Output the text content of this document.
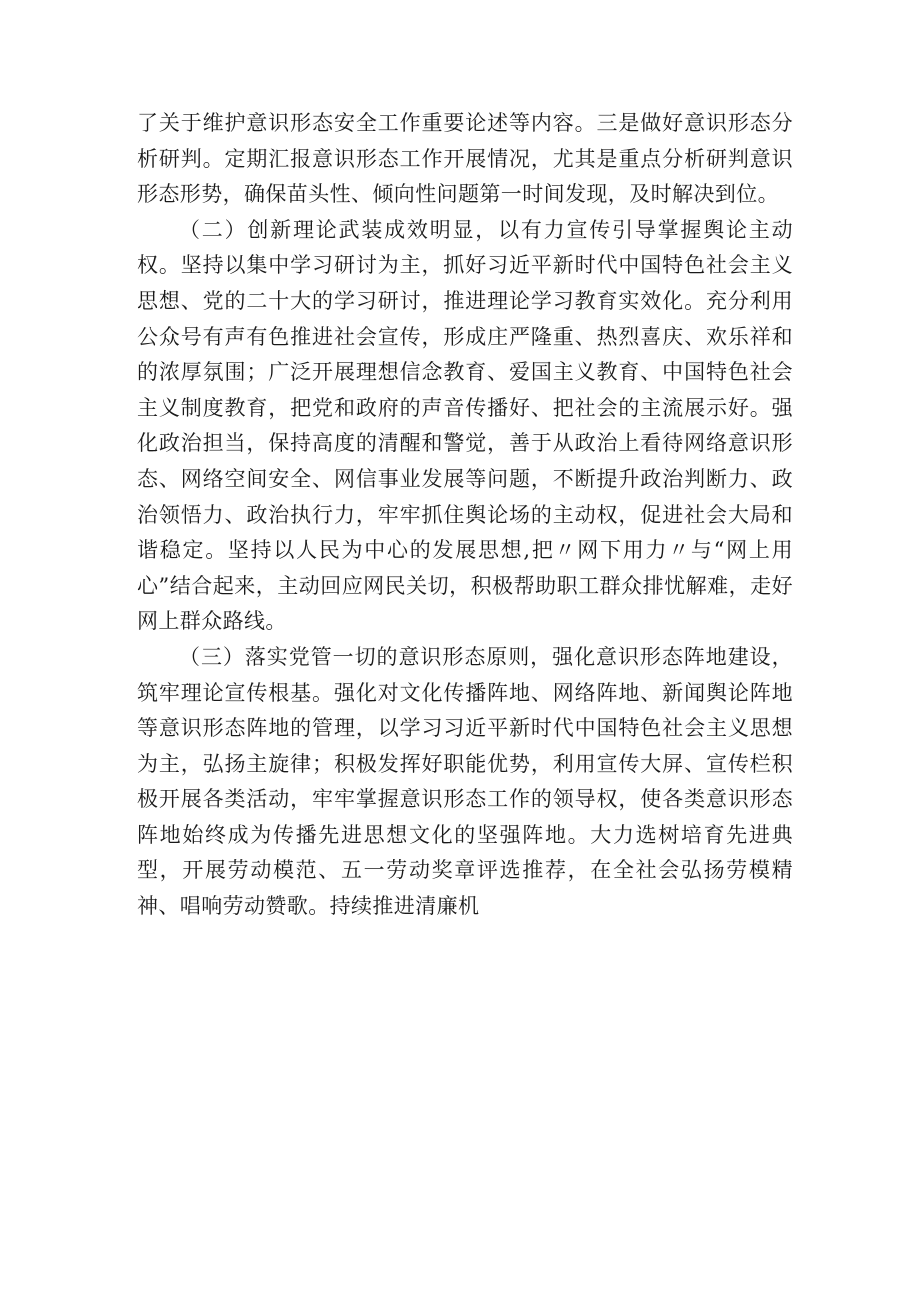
了关于维护意识形态安全工作重要论述等内容。三是做好意识形态分析研判。定期汇报意识形态工作开展情况，尤其是重点分析研判意识形态形势，确保苗头性、倾向性问题第一时间发现，及时解决到位。

（二）创新理论武装成效明显，以有力宣传引导掌握舆论主动权。坚持以集中学习研讨为主，抓好习近平新时代中国特色社会主义思想、党的二十大的学习研讨，推进理论学习教育实效化。充分利用公众号有声有色推进社会宣传，形成庄严隆重、热烈喜庆、欢乐祥和的浓厚氛围；广泛开展理想信念教育、爱国主义教育、中国特色社会主义制度教育，把党和政府的声音传播好、把社会的主流展示好。强化政治担当，保持高度的清醒和警觉，善于从政治上看待网络意识形态、网络空间安全、网信事业发展等问题，不断提升政治判断力、政治领悟力、政治执行力，牢牢抓住舆论场的主动权，促进社会大局和谐稳定。坚持以人民为中心的发展思想,把〃网下用力〃与“网上用心”结合起来，主动回应网民关切，积极帮助职工群众排忧解难，走好网上群众路线。

（三）落实党管一切的意识形态原则，强化意识形态阵地建设，筑牢理论宣传根基。强化对文化传播阵地、网络阵地、新闻舆论阵地等意识形态阵地的管理，以学习习近平新时代中国特色社会主义思想为主，弘扬主旋律；积极发挥好职能优势，利用宣传大屏、宣传栏积极开展各类活动，牢牢掌握意识形态工作的领导权，使各类意识形态阵地始终成为传播先进思想文化的坚强阵地。大力选树培育先进典型，开展劳动模范、五一劳动奖章评选推荐，在全社会弘扬劳模精神、唱响劳动赞歌。持续推进清廉机
